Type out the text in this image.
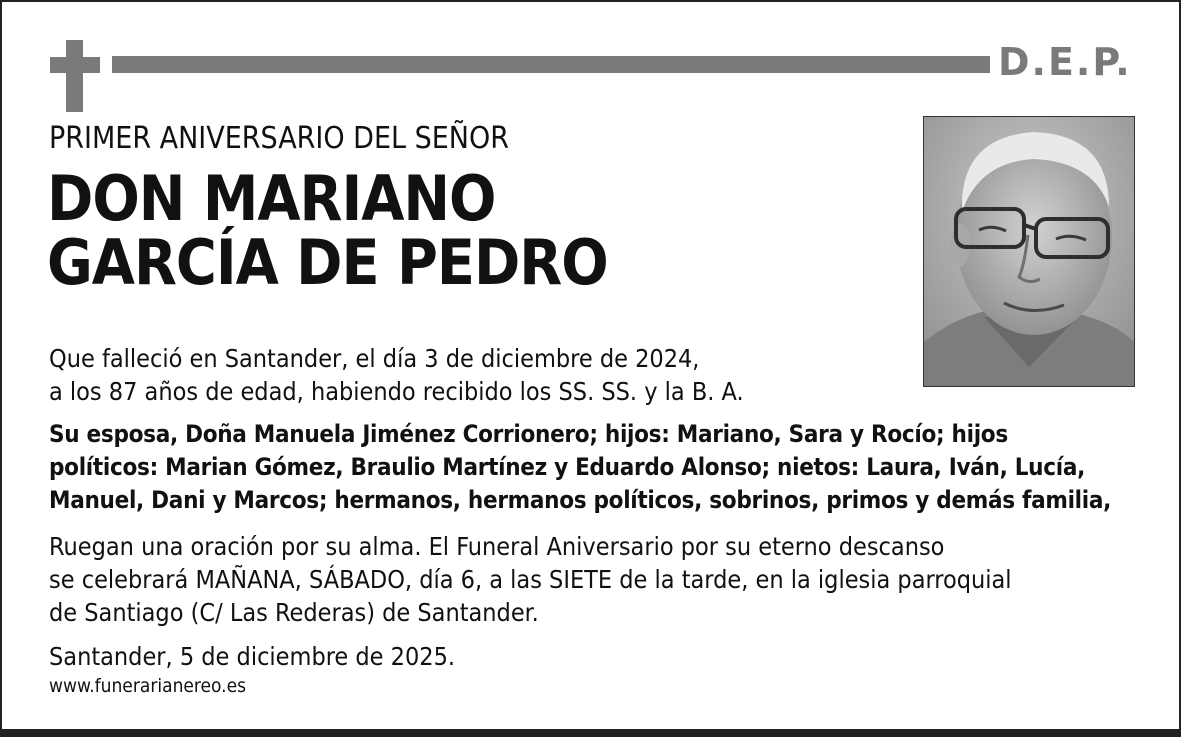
D.E.P.
PRIMER ANIVERSARIO DEL SEÑOR
DON MARIANO
GARCÍA DE PEDRO
Que falleció en Santander, el día 3 de diciembre de 2024,
a los 87 años de edad, habiendo recibido los SS. SS. y la B. A.
Su esposa, Doña Manuela Jiménez Corrionero; hijos: Mariano, Sara y Rocío; hijos
políticos: Marian Gómez, Braulio Martínez y Eduardo Alonso; nietos: Laura, Iván, Lucía,
Manuel, Dani y Marcos; hermanos, hermanos políticos, sobrinos, primos y demás familia,
Ruegan una oración por su alma. El Funeral Aniversario por su eterno descanso
se celebrará MAÑANA, SÁBADO, día 6, a las SIETE de la tarde, en la iglesia parroquial
de Santiago (C/ Las Rederas) de Santander.
Santander, 5 de diciembre de 2025.
www.funerarianereo.es
